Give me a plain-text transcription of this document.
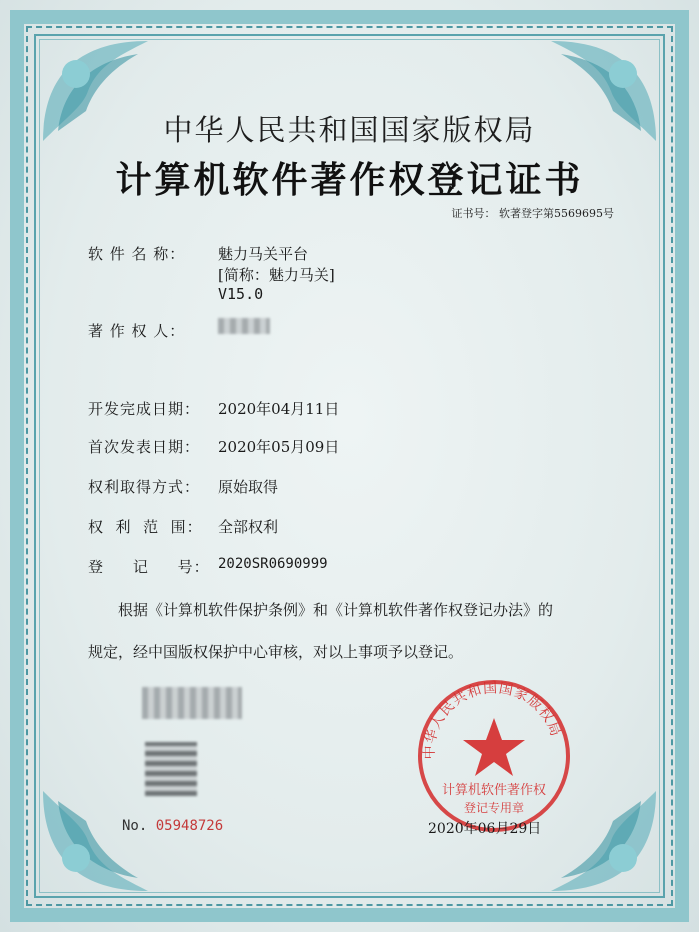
中华人民共和国国家版权局
计算机软件著作权登记证书
证书号： 软著登字第5569695号
软 件 名 称： 魅力马关平台
[简称：魅力马关]
V15.0
著 作 权 人：
开发完成日期： 2020年04月11日
首次发表日期： 2020年05月09日
权利取得方式： 原始取得
权  利  范  围： 全部权利
登     记     号： 2020SR0690999
根据《计算机软件保护条例》和《计算机软件著作权登记办法》的
规定，经中国版权保护中心审核，对以上事项予以登记。
No. 05948726
中华人民共和国国家版权局
计算机软件著作权
登记专用章
2020年06月29日
